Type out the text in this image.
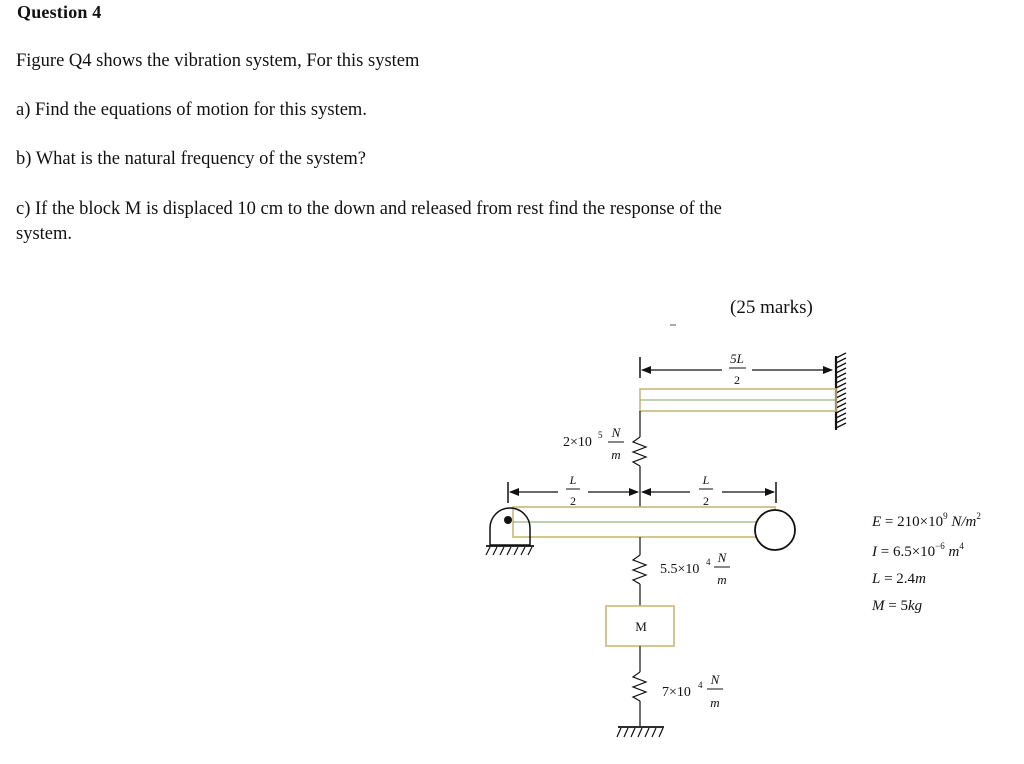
Question 4

Figure Q4 shows the vibration system, For this system

a) Find the equations of motion for this system.

b) What is the natural frequency of the system?

c) If the block M is displaced 10 cm to the down and released from rest find the response of the

system.

(25 marks)

5L
2
2×10 5 N
m
L
2
L
2
5.5×10 4 N
m
M
7×10 4 N
m
$E = 210\times 10^9$ $N/m^2$
$I = 6.5\times 10^{-6}$ $m^4$
L = 2.4m
M = 5kg
